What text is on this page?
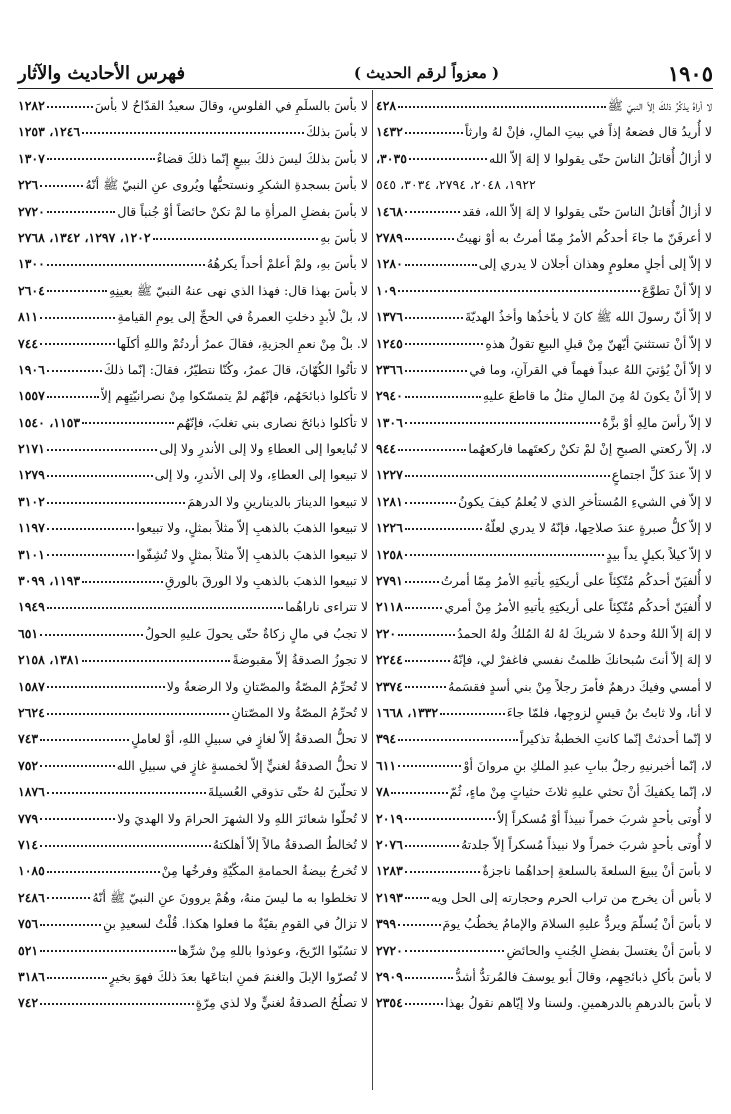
١٩٠٥
( معزواً لرقم الحديث )
فهرس الأحاديث والآثار
لا أراهُ يذكُرُ ذلكَ إلاّ النبيّ ﷺ
٤٢٨
لا أُريدُ قال فضعهُ إذاً في بيتِ المالِ، فإنْ لهُ وارثاً
١٤٣٢
لا أزالُ أُقاتلُ الناسَ حتّى يقولوا لا إلهَ إلاّ الله
٣٠٣٥،
١٩٢٢، ٢٠٤٨، ٢٧٩٤، ٣٠٣٤، ٥٤٥
لا أزالُ أُقاتلُ الناسَ حتّى يقولوا لا إلهَ إلاّ الله، فقد
١٤٦٨
لا أعرفَنّ ما جاءَ أحدكُم الأمرُ مِمّا أمرتُ به أوْ نهيتُ
٢٧٨٩
لا إلاّ إلى أجلٍ معلومٍ وهذان أجلان لا يدري إلى
١٢٨٠
لا إلاّ أنْ تطوَّعَ
١٠٩
لا إلاّ أنّ رسولَ الله ﷺ كانَ لا يأخذُها وأخذُ الهديّةَ
١٣٧٦
لا إلاّ أنْ تستثنيَ أيّهنّ مِنْ قبلِ البيعِ تقولُ هذهِ
١٢٤٥
لا إلاّ أنْ يُؤتيَ اللهُ عبداً فهماً في القرآنِ، وما في
٢٣٦٦
لا إلاّ أنْ يكونَ لهُ مِنَ المالِ مثلُ ما قاطعَ عليهِ
٢٩٤٠
لا إلاّ رأسَ مالِهِ أوْ بزَّهُ
١٣٠٦
لا، إلاّ ركعتي الصبحِ إنْ لمْ تكنْ ركعتَهما فاركعهُما
٩٤٤
لا إلاّ عندَ كلِّ اجتماعٍ
١٢٢٧
لا إلاّ في الشيءِ المُستأخرِ الذي لا يُعلمُ كيفَ يكونُ
١٢٨١
لا إلاّ كلُّ صبرةٍ عندَ صلاحِها، فإنّهُ لا يدري لعلّهُ
١٢٢٦
لا إلاّ كيلاً بكيلٍ يداً بيدٍ
١٢٥٨
لا أُلفيَنّ أحدكُم مُتّكِئاً على أريكتِهِ يأتيهِ الأمرُ مِمّا أمرتُ
٢٧٩١
لا أُلفيَنّ أحدكُم مُتّكِئاً على أريكتِهِ يأتيهِ الأمرُ مِنْ أمري
٢١١٨
لا إلهَ إلاّ اللهُ وحدهُ لا شريكَ لهُ لهُ المُلكُ ولهُ الحمدُ
٢٢٠
لا إلهَ إلاّ أنتَ سُبحانكَ ظلمتُ نفسي فاغفرْ لي، فإنّهُ
٢٢٤٤
لا أمسي وفيكَ درهمٌ فأمرَ رجلاً مِنْ بني أسدٍ فقسَمهُ
٢٣٧٤
لا أنا، ولا ثابتُ بنُ قيسٍ لزوجِها، فلمّا جاءَ
١٣٣٢، ١٦٦٨
لا إنّما أحدثتْ إنّما كانتِ الخطبةُ تذكيراً
٣٩٤
لا، إنّما أخبرنيهِ رجلٌ ببابِ عبدِ الملكِ بنِ مروانَ أوْ
٦١١
لا، إنّما يكفيكَ أنْ تحثي عليهِ ثلاثَ حثياتٍ مِنْ ماءٍ، ثُمّ
٧٨
لا أُوتى بأحدٍ شربَ خمراً نبيذاً أوْ مُسكراً إلاّ
٢٠١٩
لا أُوتى بأحدٍ شربَ خمراً ولا نبيذاً مُسكراً إلاّ جلدتهُ
٢٠٧٦
لا بأسَ أنْ يبيعَ السلعةَ بالسلعةِ إحداهُما ناجزةٌ
١٢٨٣
لا بأس أن يخرج من تراب الحرم وحجارته إلى الحل ويه
٢١٩٣
لا بأسَ أنْ يُسلّمَ ويردُّ عليهِ السلامَ والإمامُ يخطُبُ يومَ
٣٩٩
لا بأسَ أنْ يغتسلَ بفضلِ الجُنبِ والحائضِ
٢٧٢٠
لا بأسَ بأكلِ ذبائحِهِم، وقالَ أبو يوسفَ فالمُرتدُّ أشدُّ
٢٩٠٩
لا بأسَ بالدرهمِ بالدرهمينِ. ولسنا ولا إيّاهم نقولُ بهذا
٢٣٥٤
لا بأسَ بالسلَمِ في الفلوسِ، وقالَ سعيدُ القدّاحُ لا بأسَ
١٢٨٢
لا بأسَ بذلكَ
١٢٤٦، ١٢٥٣
لا بأسَ بذلكَ ليسَ ذلكَ ببيعٍ إنّما ذلكَ قضاءٌ
١٣٠٧
لا بأسَ بسجدةِ الشكرِ ونستحبُّها ويُروى عنِ النبيّ ﷺ أنّهُ
٢٢٦
لا بأسَ بفضلِ المرأةِ ما لمْ تكنْ حائضاً أوْ جُنباً قال
٢٧٢٠
لا بأسَ بهِ
١٢٠٢، ١٢٩٧، ١٣٤٢، ٢٧٦٨
لا بأسَ بهِ، ولمْ أعلمْ أحداً يكرهُهُ
١٣٠٠
لا بأسَ بهذا قال: فهذا الذي نهى عنهُ النبيّ ﷺ بعينِهِ
٢٦٠٤
لا، بلْ لأبدٍ دخلتِ العمرةُ في الحجِّ إلى يومِ القيامةِ
٨١١
لا. بلْ مِنْ نعمِ الجزيةِ، فقالَ عمرُ أردتُمْ واللهِ أكلَها
٧٤٤
لا تأتُوا الكُهّانَ، قالَ عمرُ، وكُنّا نتطيّرُ، فقالَ: إنّما ذلكَ
١٩٠٦
لا تأكلوا ذبائحَهُم، فإنّهُم لمْ يتمسّكوا مِنْ نصرانيّتِهِم إلاّ
١٥٥٧
لا تأكلوا ذبائحَ نصارى بني تغلبَ، فإنّهُم
١١٥٣، ١٥٤٠
لا تُبايعوا إلى العطاءِ ولا إلى الأندرِ ولا إلى
٢١٧١
لا تبيعوا إلى العطاءِ، ولا إلى الأندرِ، ولا إلى
١٢٧٩
لا تبيعوا الدينارَ بالدينارينِ ولا الدرهمَ
٣١٠٢
لا تبيعوا الذهبَ بالذهبِ إلاّ مثلاً بمثلٍ، ولا تبيعوا
١١٩٧
لا تبيعوا الذهبَ بالذهبِ إلاّ مثلاً بمثلٍ ولا تُشِفّوا
٣١٠١
لا تبيعوا الذهبَ بالذهبِ ولا الورقَ بالورقِ
١١٩٣، ٣٠٩٩
لا تتراءى ناراهُما
١٩٤٩
لا تجبُ في مالٍ زكاةٌ حتّى يحولَ عليهِ الحولُ
٦٥١
لا تجوزُ الصدقةُ إلاّ مقبوضةً
١٣٨١، ٢١٥٨
لا تُحرِّمُ المصّةُ والمصّتانِ ولا الرضعةُ ولا
١٥٨٧
لا تُحرِّمُ المصّةُ ولا المصّتانِ
٢٦٢٤
لا تحلُّ الصدقةُ إلاّ لغازٍ في سبيلِ اللهِ، أوْ لعاملٍ
٧٤٣
لا تحلُّ الصدقةُ لغنيٍّ إلاّ لخمسةٍ غازٍ في سبيلِ الله
٧٥٢
لا تحلّينَ لهُ حتّى تذوقي العُسيلةَ
١٨٧٦
لا تُحلّوا شعائرَ اللهِ ولا الشهرَ الحرامَ ولا الهديَ ولا
٧٧٩
لا تُخالطُ الصدقةُ مالاً إلاّ أهلكتهُ
٧١٤
لا تُخرجُ بيضةُ الحمامةِ المكّيّةِ وفرخُها مِنْ
١٠٨٥
لا تخلطوا به ما ليسَ منهُ، وهُمْ يروونَ عنِ النبيّ ﷺ أنّهُ
٢٤٨٦
لا تزالُ في القومِ بقيّةٌ ما فعلوا هكذا. قُلْتُ لسعيدِ بنِ
٧٥٦
لا تسُبّوا الرّيحَ، وعوذوا باللهِ مِنْ شرِّها
٥٢١
لا تُصرّوا الإبلَ والغنمَ فمنِ ابتاعَها بعدَ ذلكَ فهوَ بخيرٍ
٣١٨٦
لا تصلُحُ الصدقةُ لغنيٍّ ولا لذي مِرّةٍ
٧٤٢
